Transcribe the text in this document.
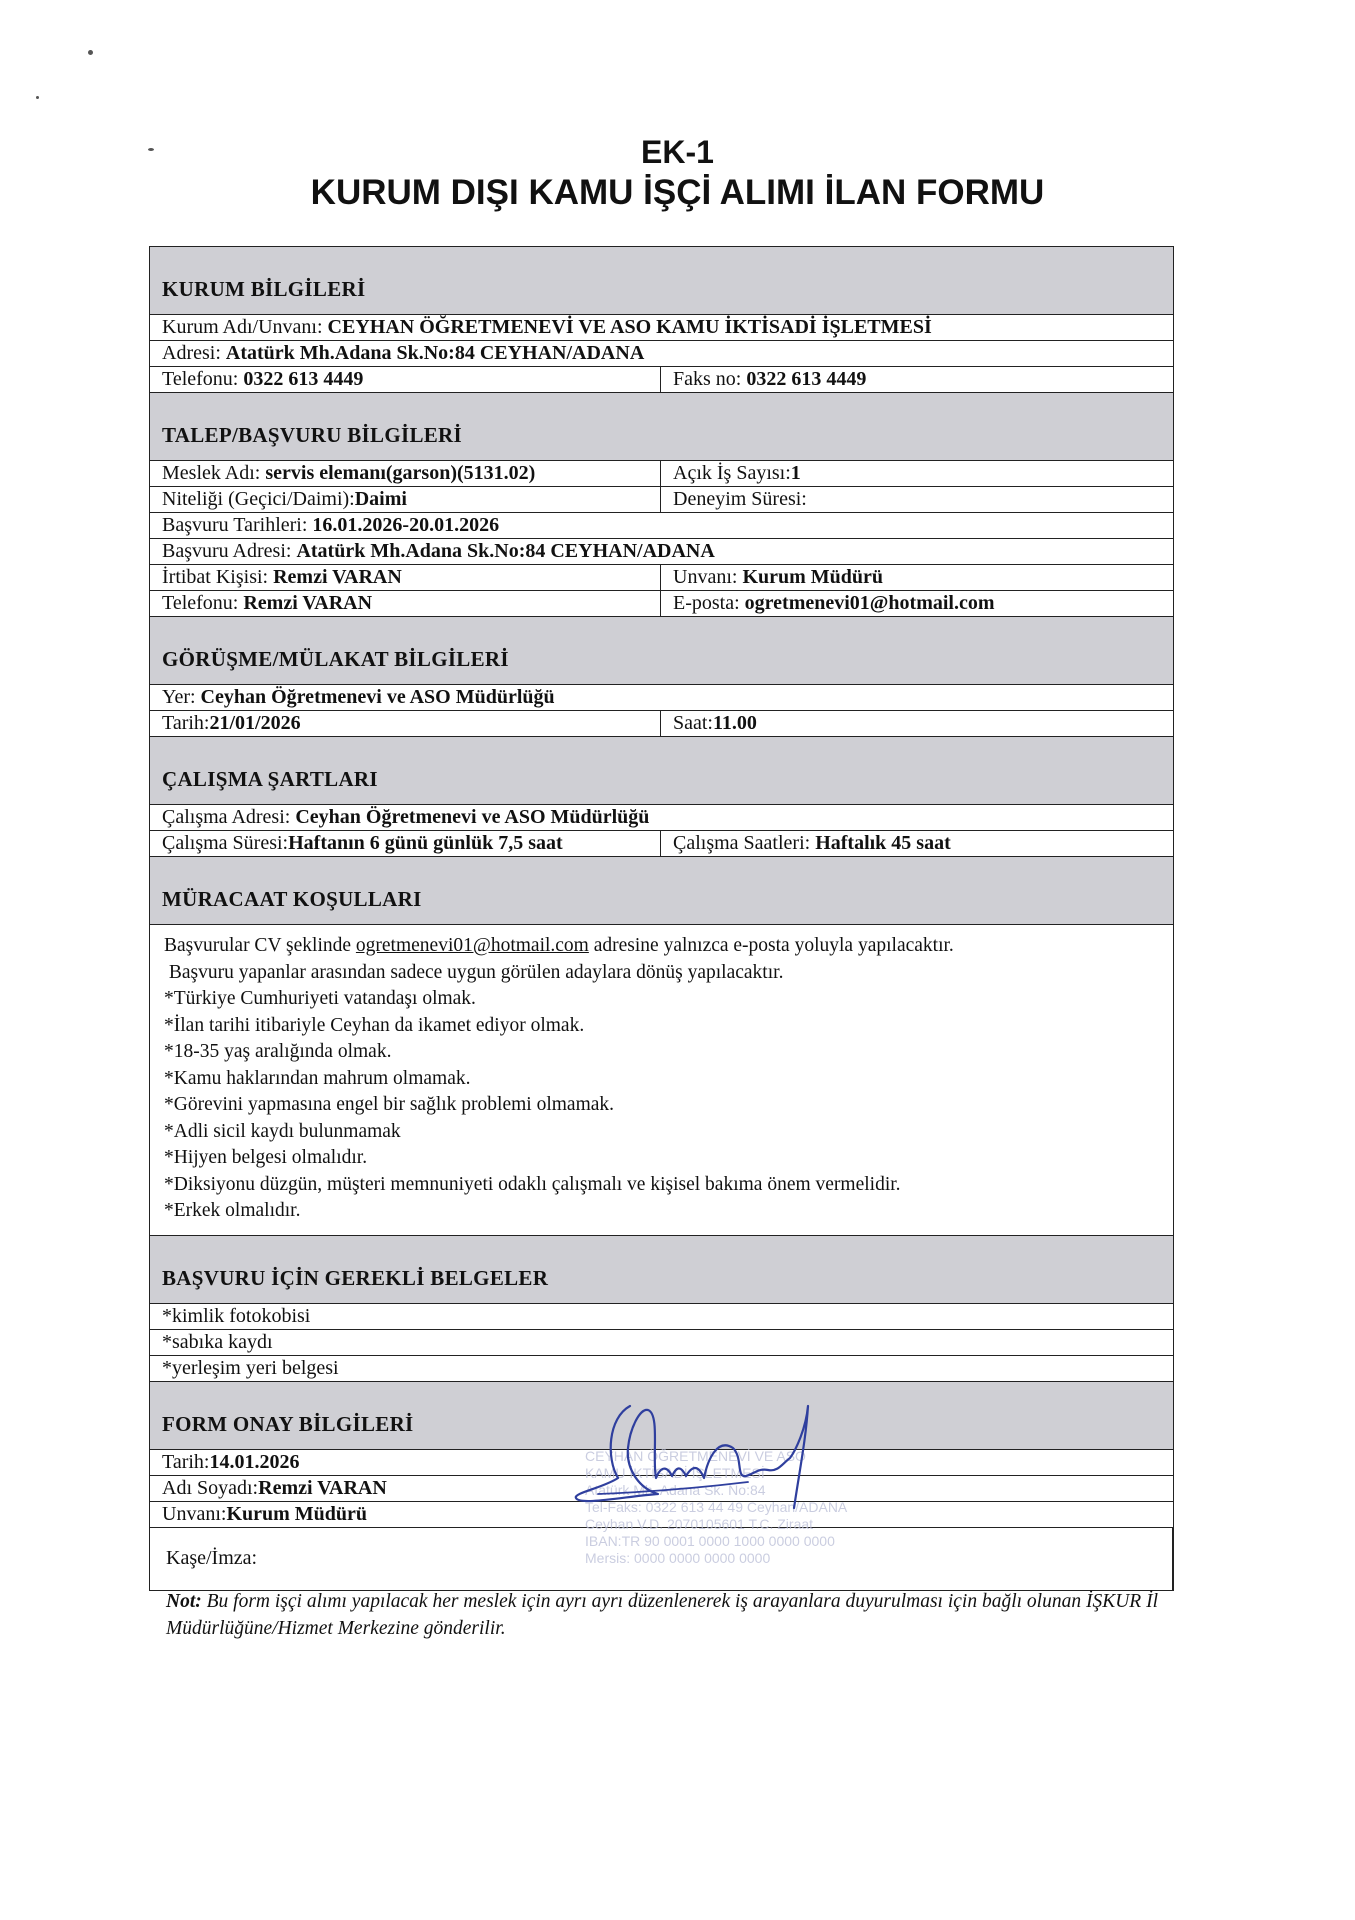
EK-1
KURUM DIŞI KAMU İŞÇİ ALIMI İLAN FORMU
KURUM BİLGİLERİ
Kurum Adı/Unvanı: CEYHAN ÖĞRETMENEVİ VE ASO KAMU İKTİSADİ İŞLETMESİ
Adresi: Atatürk Mh.Adana Sk.No:84 CEYHAN/ADANA
Telefonu: 0322 613 4449	Faks no: 0322 613 4449
TALEP/BAŞVURU BİLGİLERİ
Meslek Adı: servis elemanı(garson)(5131.02)	Açık İş Sayısı:1
Niteliği (Geçici/Daimi):Daimi	Deneyim Süresi:
Başvuru Tarihleri: 16.01.2026-20.01.2026
Başvuru Adresi: Atatürk Mh.Adana Sk.No:84 CEYHAN/ADANA
İrtibat Kişisi: Remzi VARAN	Unvanı: Kurum Müdürü
Telefonu: Remzi VARAN	E-posta: ogretmenevi01@hotmail.com
GÖRÜŞME/MÜLAKAT BİLGİLERİ
Yer: Ceyhan Öğretmenevi ve ASO Müdürlüğü
Tarih:21/01/2026	Saat:11.00
ÇALIŞMA ŞARTLARI
Çalışma Adresi: Ceyhan Öğretmenevi ve ASO Müdürlüğü
Çalışma Süresi:Haftanın 6 günü günlük 7,5 saat	Çalışma Saatleri: Haftalık 45 saat
MÜRACAAT KOŞULLARI
Başvurular CV şeklinde ogretmenevi01@hotmail.com adresine yalnızca e-posta yoluyla yapılacaktır.
Başvuru yapanlar arasından sadece uygun görülen adaylara dönüş yapılacaktır.
*Türkiye Cumhuriyeti vatandaşı olmak.
*İlan tarihi itibariyle Ceyhan da ikamet ediyor olmak.
*18-35 yaş aralığında olmak.
*Kamu haklarından mahrum olmamak.
*Görevini yapmasına engel bir sağlık problemi olmamak.
*Adli sicil kaydı bulunmamak
*Hijyen belgesi olmalıdır.
*Diksiyonu düzgün, müşteri memnuniyeti odaklı çalışmalı ve kişisel bakıma önem vermelidir.
*Erkek olmalıdır.
BAŞVURU İÇİN GEREKLİ BELGELER
*kimlik fotokobisi
*sabıka kaydı
*yerleşim yeri belgesi
FORM ONAY BİLGİLERİ
Tarih:14.01.2026
Adı Soyadı:Remzi VARAN
Unvanı:Kurum Müdürü
Kaşe/İmza:
CEYHAN ÖĞRETMENEVİ VE ASO
KAMU İKTİSADİ İŞLETMESİ
Atatürk Mh. Adana Sk. No:84
Tel-Faks: 0322 613 44 49 Ceyhan/ADANA
Ceyhan V.D. 2070105601 T.C. Ziraat
IBAN:TR 90 0001 0000 1000 0000 0000
Mersis: 0000 0000 0000 0000
Not: Bu form işçi alımı yapılacak her meslek için ayrı ayrı düzenlenerek iş arayanlara duyurulması için bağlı olunan İŞKUR İl Müdürlüğüne/Hizmet Merkezine gönderilir.
